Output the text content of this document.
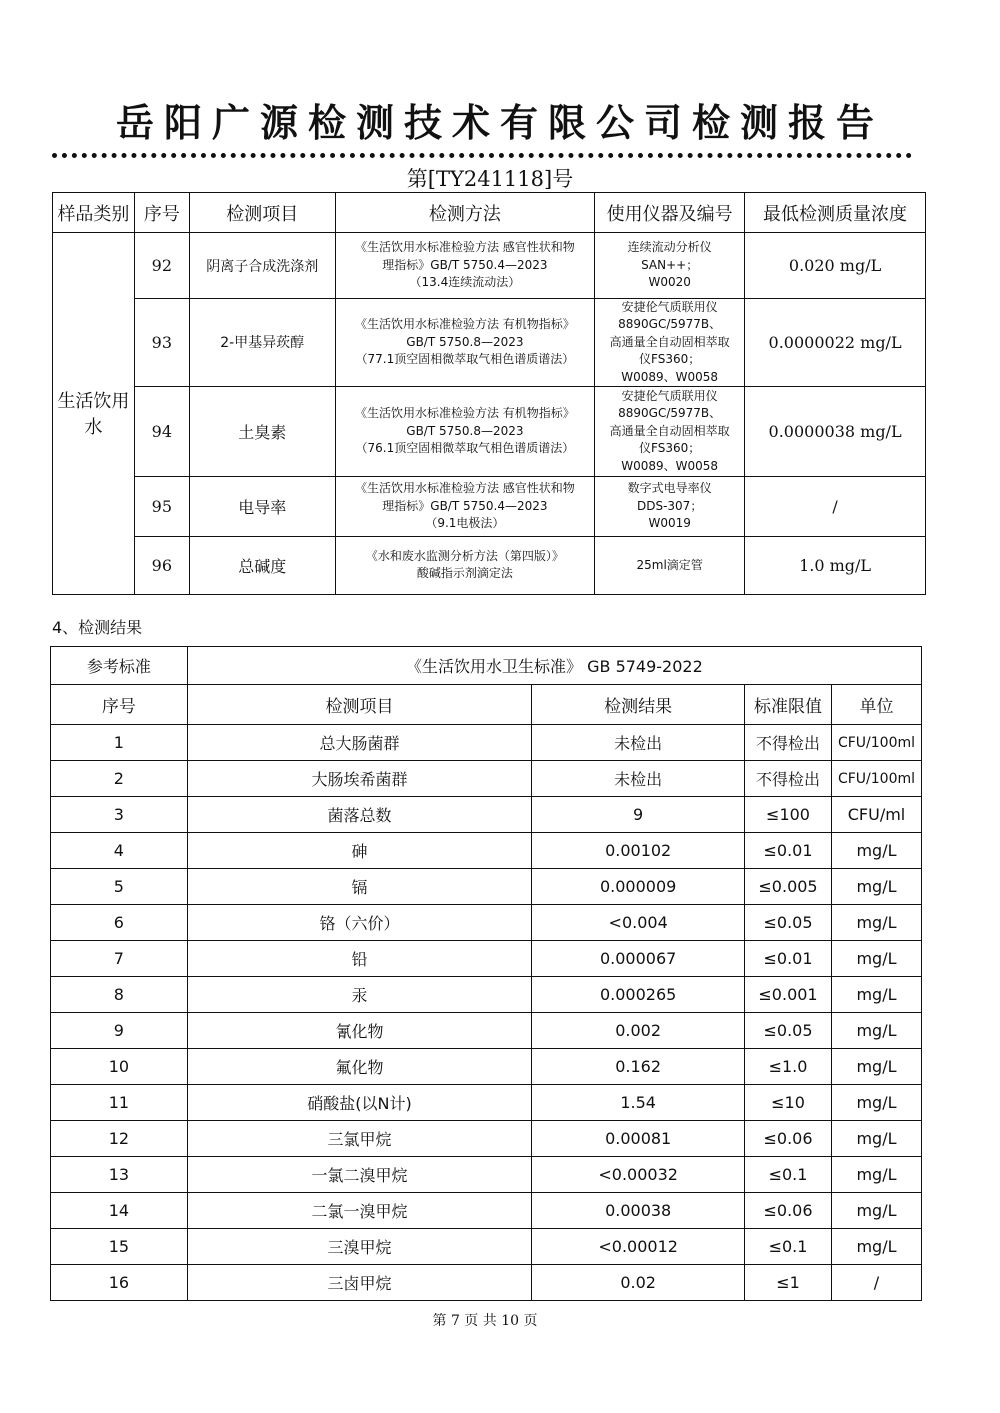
岳阳广源检测技术有限公司检测报告
第[TY241118]号
样品类别	序号	检测项目	检测方法	使用仪器及编号	最低检测质量浓度
生活饮用水	92	阴离子合成洗涤剂	《生活饮用水标准检验方法 感官性状和物
理指标》GB/T 5750.4—2023
（13.4连续流动法）	连续流动分析仪
SAN++；
W0020	0.020 mg/L
	93	2-甲基异莰醇	《生活饮用水标准检验方法 有机物指标》
GB/T 5750.8—2023
（77.1顶空固相微萃取气相色谱质谱法）	安捷伦气质联用仪
8890GC/5977B、
高通量全自动固相萃取
仪FS360；
W0089、W0058	0.0000022 mg/L
	94	土臭素	《生活饮用水标准检验方法 有机物指标》
GB/T 5750.8—2023
（76.1顶空固相微萃取气相色谱质谱法）	安捷伦气质联用仪
8890GC/5977B、
高通量全自动固相萃取
仪FS360；
W0089、W0058	0.0000038 mg/L
	95	电导率	《生活饮用水标准检验方法 感官性状和物
理指标》GB/T 5750.4—2023
（9.1电极法）	数字式电导率仪
DDS-307；
W0019	/
	96	总碱度	《水和废水监测分析方法（第四版）》
酸碱指示剂滴定法	25ml滴定管	1.0 mg/L
4、检测结果
参考标准	《生活饮用水卫生标准》 GB 5749-2022			
序号	检测项目	检测结果	标准限值	单位
1	总大肠菌群	未检出	不得检出	CFU/100ml
2	大肠埃希菌群	未检出	不得检出	CFU/100ml
3	菌落总数	9	≤100	CFU/ml
4	砷	0.00102	≤0.01	mg/L
5	镉	0.000009	≤0.005	mg/L
6	铬（六价）	<0.004	≤0.05	mg/L
7	铅	0.000067	≤0.01	mg/L
8	汞	0.000265	≤0.001	mg/L
9	氰化物	0.002	≤0.05	mg/L
10	氟化物	0.162	≤1.0	mg/L
11	硝酸盐(以N计)	1.54	≤10	mg/L
12	三氯甲烷	0.00081	≤0.06	mg/L
13	一氯二溴甲烷	<0.00032	≤0.1	mg/L
14	二氯一溴甲烷	0.00038	≤0.06	mg/L
15	三溴甲烷	<0.00012	≤0.1	mg/L
16	三卤甲烷	0.02	≤1	/
第 7 页 共 10 页
